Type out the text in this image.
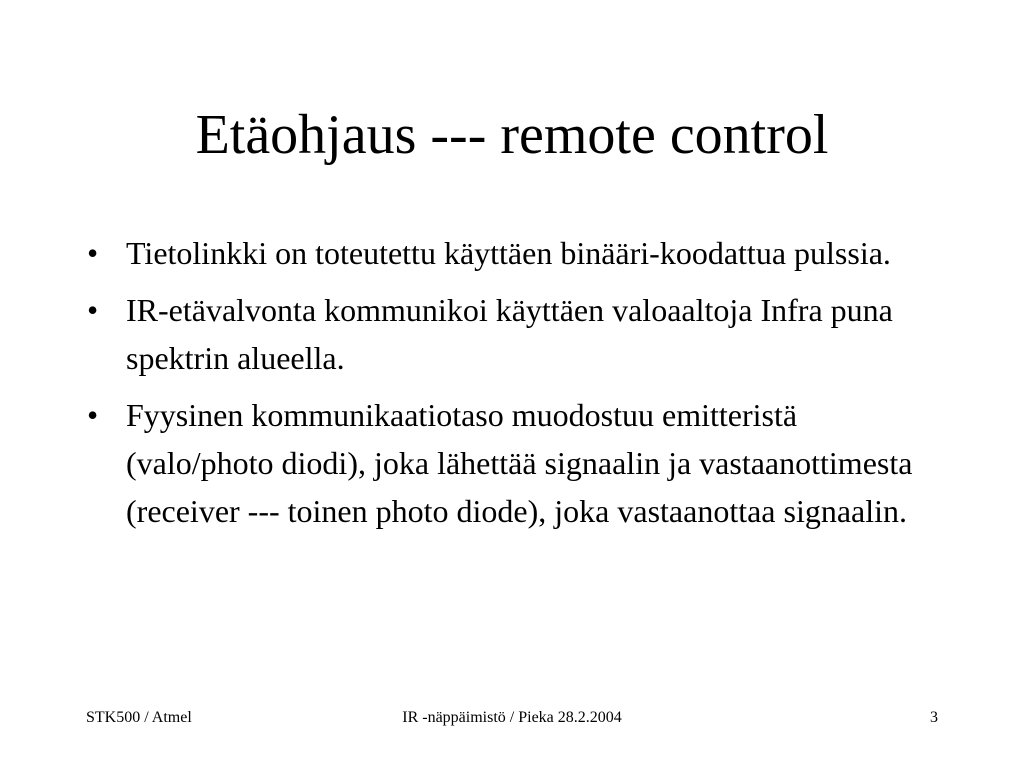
Etäohjaus --- remote control
• Tietolinkki on toteutettu käyttäen binääri-koodattua pulssia.
• IR-etävalvonta kommunikoi käyttäen valoaaltoja Infra puna spektrin alueella.
• Fyysinen kommunikaatiotaso muodostuu emitteristä (valo/photo diodi), joka lähettää signaalin ja vastaanottimesta (receiver --- toinen photo diode), joka vastaanottaa signaalin.
STK500 / Atmel	IR -näppäimistö / Pieka 28.2.2004	3
